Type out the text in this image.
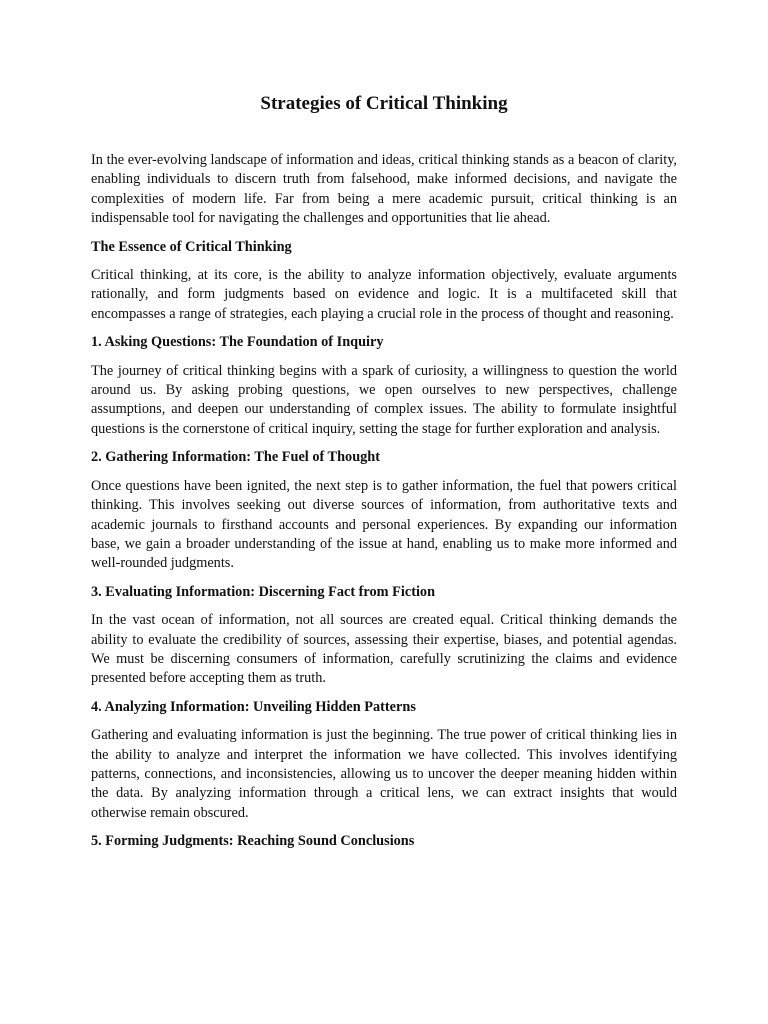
Strategies of Critical Thinking

In the ever-evolving landscape of information and ideas, critical thinking stands as a beacon of clarity, enabling individuals to discern truth from falsehood, make informed decisions, and navigate the complexities of modern life. Far from being a mere academic pursuit, critical thinking is an indispensable tool for navigating the challenges and opportunities that lie ahead.

The Essence of Critical Thinking

Critical thinking, at its core, is the ability to analyze information objectively, evaluate arguments rationally, and form judgments based on evidence and logic. It is a multifaceted skill that encompasses a range of strategies, each playing a crucial role in the process of thought and reasoning.

1. Asking Questions: The Foundation of Inquiry

The journey of critical thinking begins with a spark of curiosity, a willingness to question the world around us. By asking probing questions, we open ourselves to new perspectives, challenge assumptions, and deepen our understanding of complex issues. The ability to formulate insightful questions is the cornerstone of critical inquiry, setting the stage for further exploration and analysis.

2. Gathering Information: The Fuel of Thought

Once questions have been ignited, the next step is to gather information, the fuel that powers critical thinking. This involves seeking out diverse sources of information, from authoritative texts and academic journals to firsthand accounts and personal experiences. By expanding our information base, we gain a broader understanding of the issue at hand, enabling us to make more informed and well-rounded judgments.

3. Evaluating Information: Discerning Fact from Fiction

In the vast ocean of information, not all sources are created equal. Critical thinking demands the ability to evaluate the credibility of sources, assessing their expertise, biases, and potential agendas. We must be discerning consumers of information, carefully scrutinizing the claims and evidence presented before accepting them as truth.

4. Analyzing Information: Unveiling Hidden Patterns

Gathering and evaluating information is just the beginning. The true power of critical thinking lies in the ability to analyze and interpret the information we have collected. This involves identifying patterns, connections, and inconsistencies, allowing us to uncover the deeper meaning hidden within the data. By analyzing information through a critical lens, we can extract insights that would otherwise remain obscured.

5. Forming Judgments: Reaching Sound Conclusions
